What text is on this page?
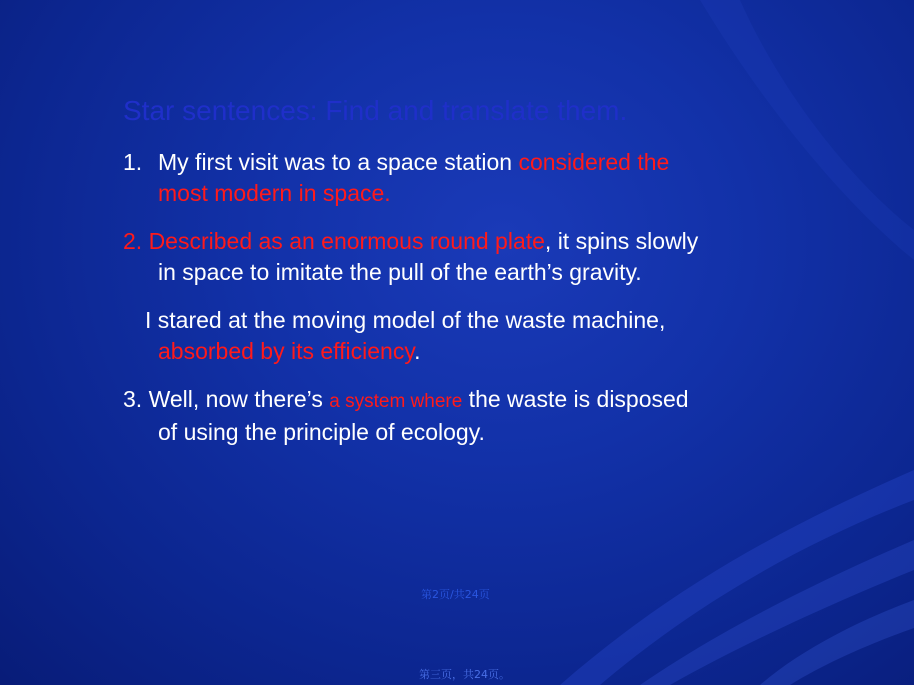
Star sentences: Find and translate them.
1. My first visit was to a space station considered the
most modern in space.
2. Described as an enormous round plate, it spins slowly
in space to imitate the pull of the earth’s gravity.
I stared at the moving model of the waste machine,
absorbed by its efficiency.
3. Well, now there’s a system where the waste is disposed
of using the principle of ecology.
第2页/共24页
第三页，共24页。
